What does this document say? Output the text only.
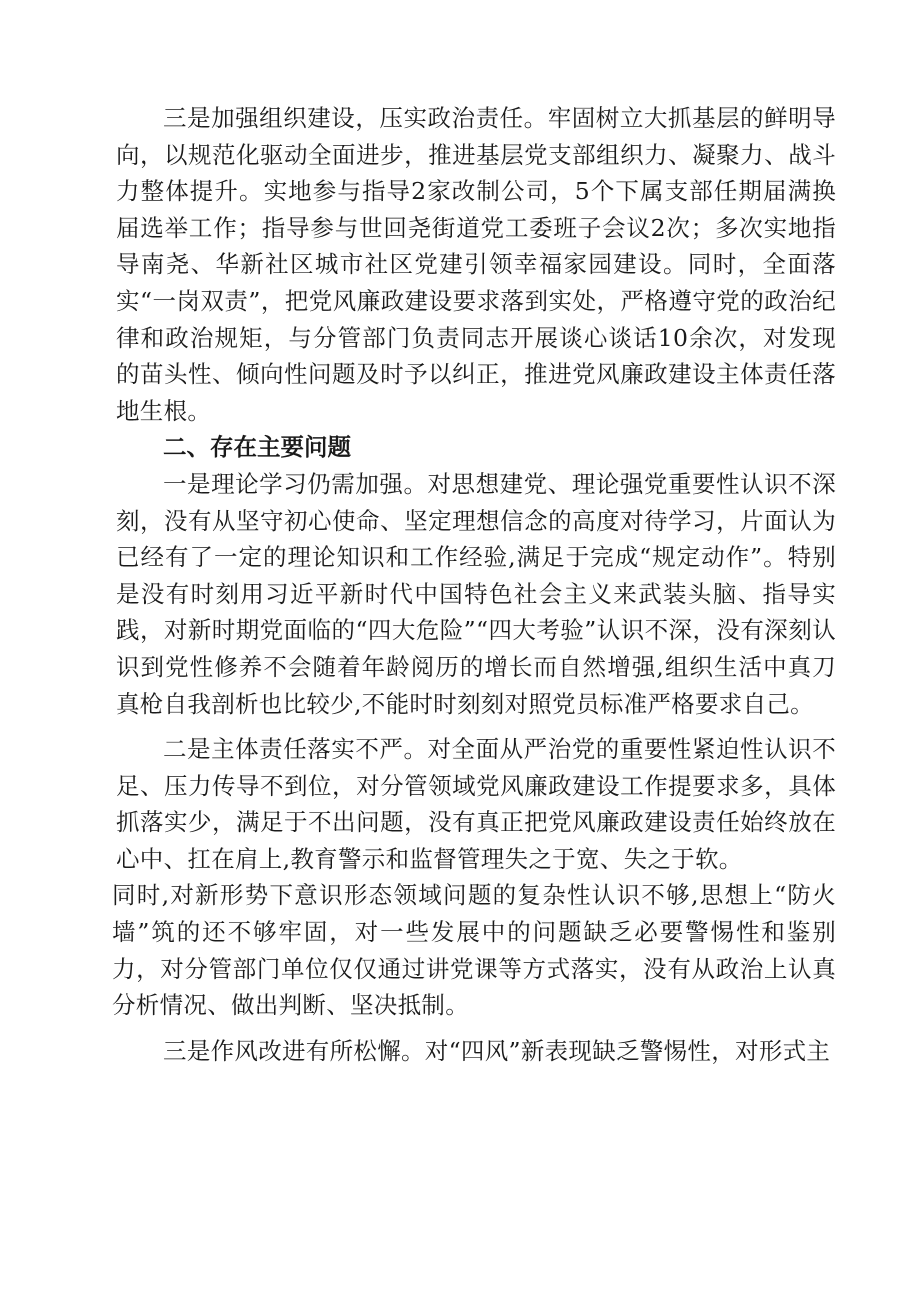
三是加强组织建设，压实政治责任。牢固树立大抓基层的鲜明导向，以规范化驱动全面进步，推进基层党支部组织力、凝聚力、战斗力整体提升。实地参与指导2家改制公司，5个下属支部任期届满换届选举工作；指导参与世回尧街道党工委班子会议2次；多次实地指导南尧、华新社区城市社区党建引领幸福家园建设。同时，全面落实“一岗双责”，把党风廉政建设要求落到实处，严格遵守党的政治纪律和政治规矩，与分管部门负责同志开展谈心谈话10余次，对发现的苗头性、倾向性问题及时予以纠正，推进党风廉政建设主体责任落地生根。

二、存在主要问题

一是理论学习仍需加强。对思想建党、理论强党重要性认识不深刻，没有从坚守初心使命、坚定理想信念的高度对待学习，片面认为已经有了一定的理论知识和工作经验,满足于完成“规定动作”。特别是没有时刻用习近平新时代中国特色社会主义来武装头脑、指导实践，对新时期党面临的“四大危险”“四大考验”认识不深，没有深刻认识到党性修养不会随着年龄阅历的增长而自然增强,组织生活中真刀真枪自我剖析也比较少,不能时时刻刻对照党员标准严格要求自己。

二是主体责任落实不严。对全面从严治党的重要性紧迫性认识不足、压力传导不到位，对分管领域党风廉政建设工作提要求多，具体抓落实少，满足于不出问题，没有真正把党风廉政建设责任始终放在心中、扛在肩上,教育警示和监督管理失之于宽、失之于软。

同时,对新形势下意识形态领域问题的复杂性认识不够,思想上“防火墙”筑的还不够牢固，对一些发展中的问题缺乏必要警惕性和鉴别力，对分管部门单位仅仅通过讲党课等方式落实，没有从政治上认真分析情况、做出判断、坚决抵制。

三是作风改进有所松懈。对“四风”新表现缺乏警惕性，对形式主
